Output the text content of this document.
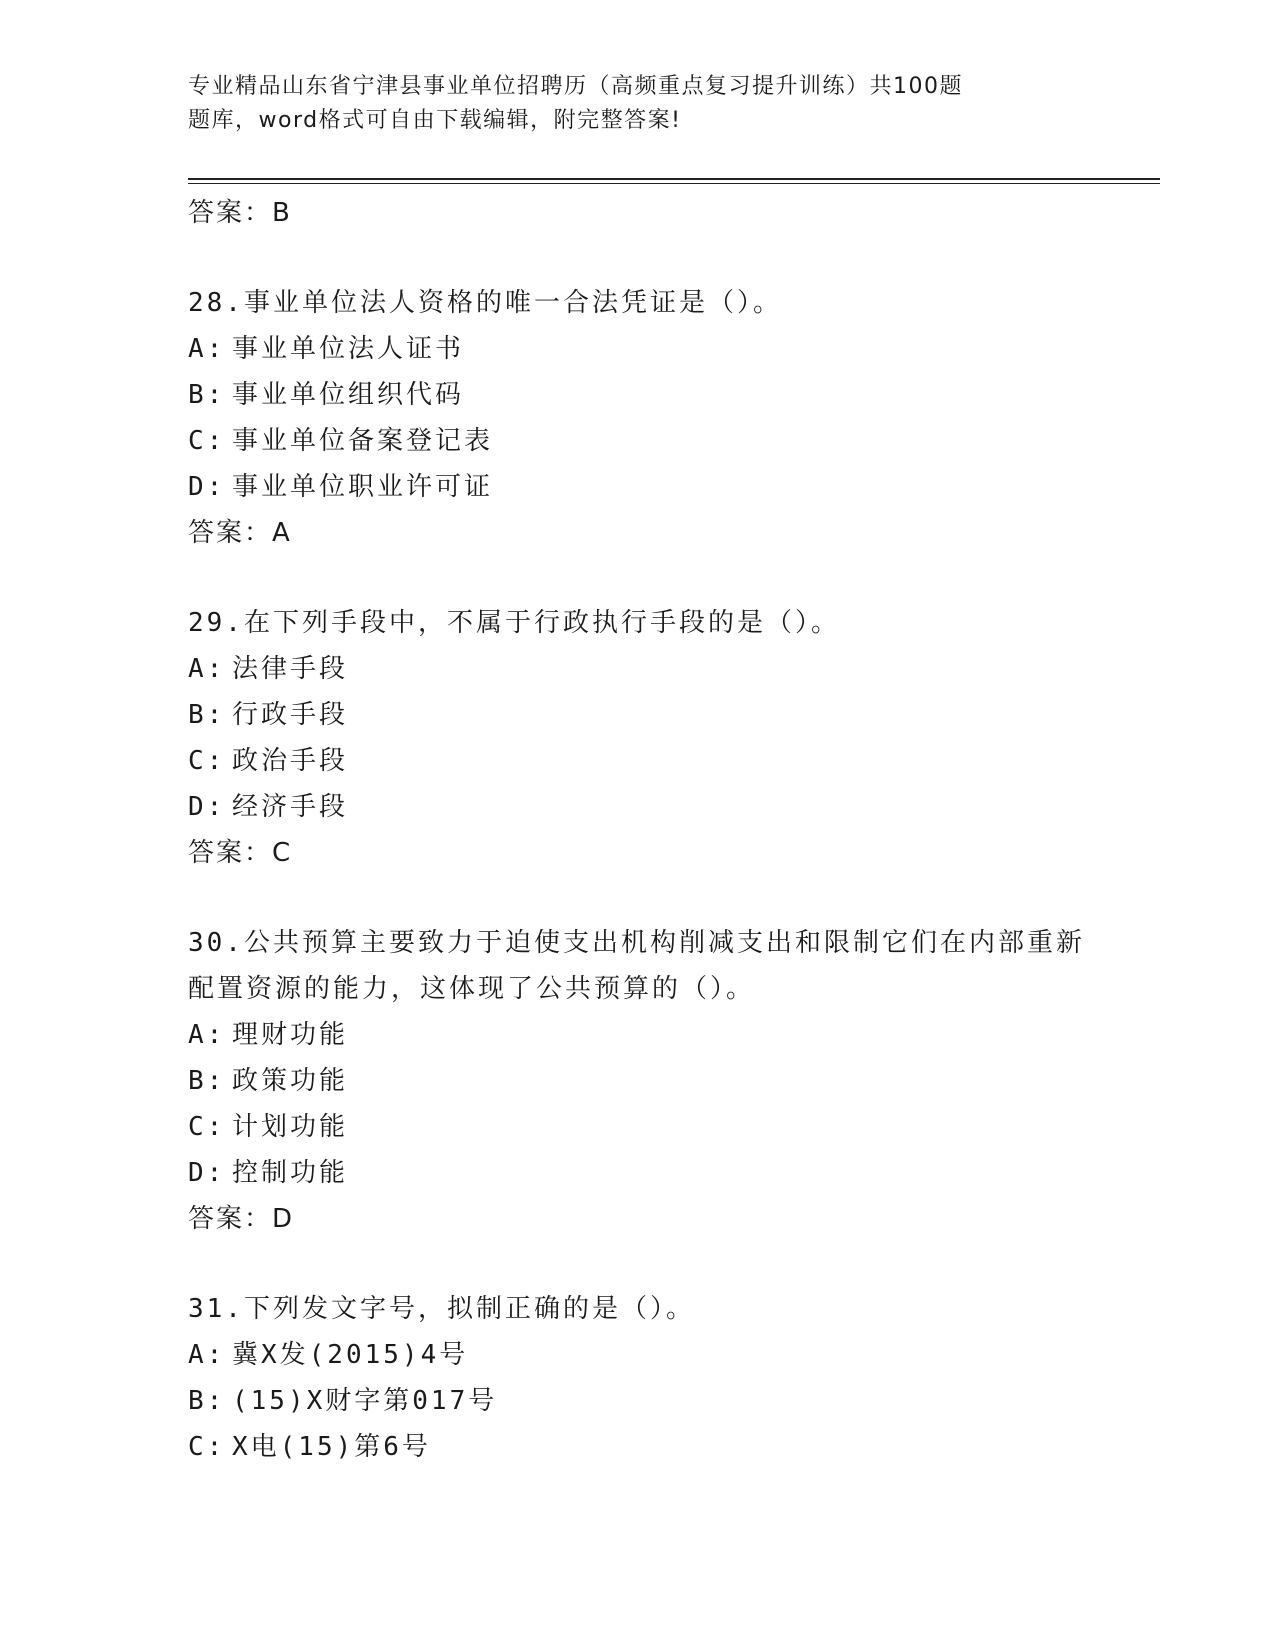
专业精品山东省宁津县事业单位招聘历（高频重点复习提升训练）共100题
题库，word格式可自由下载编辑，附完整答案!
答案：B
28.事业单位法人资格的唯一合法凭证是（）。
A: 事业单位法人证书
B: 事业单位组织代码
C: 事业单位备案登记表
D: 事业单位职业许可证
答案：A
29.在下列手段中，不属于行政执行手段的是（）。
A: 法律手段
B: 行政手段
C: 政治手段
D: 经济手段
答案：C
30.公共预算主要致力于迫使支出机构削减支出和限制它们在内部重新
配置资源的能力，这体现了公共预算的（）。
A: 理财功能
B: 政策功能
C: 计划功能
D: 控制功能
答案：D
31.下列发文字号，拟制正确的是（）。
A: 冀X发(2015)4号
B: (15)X财字第017号
C: X电(15)第6号
